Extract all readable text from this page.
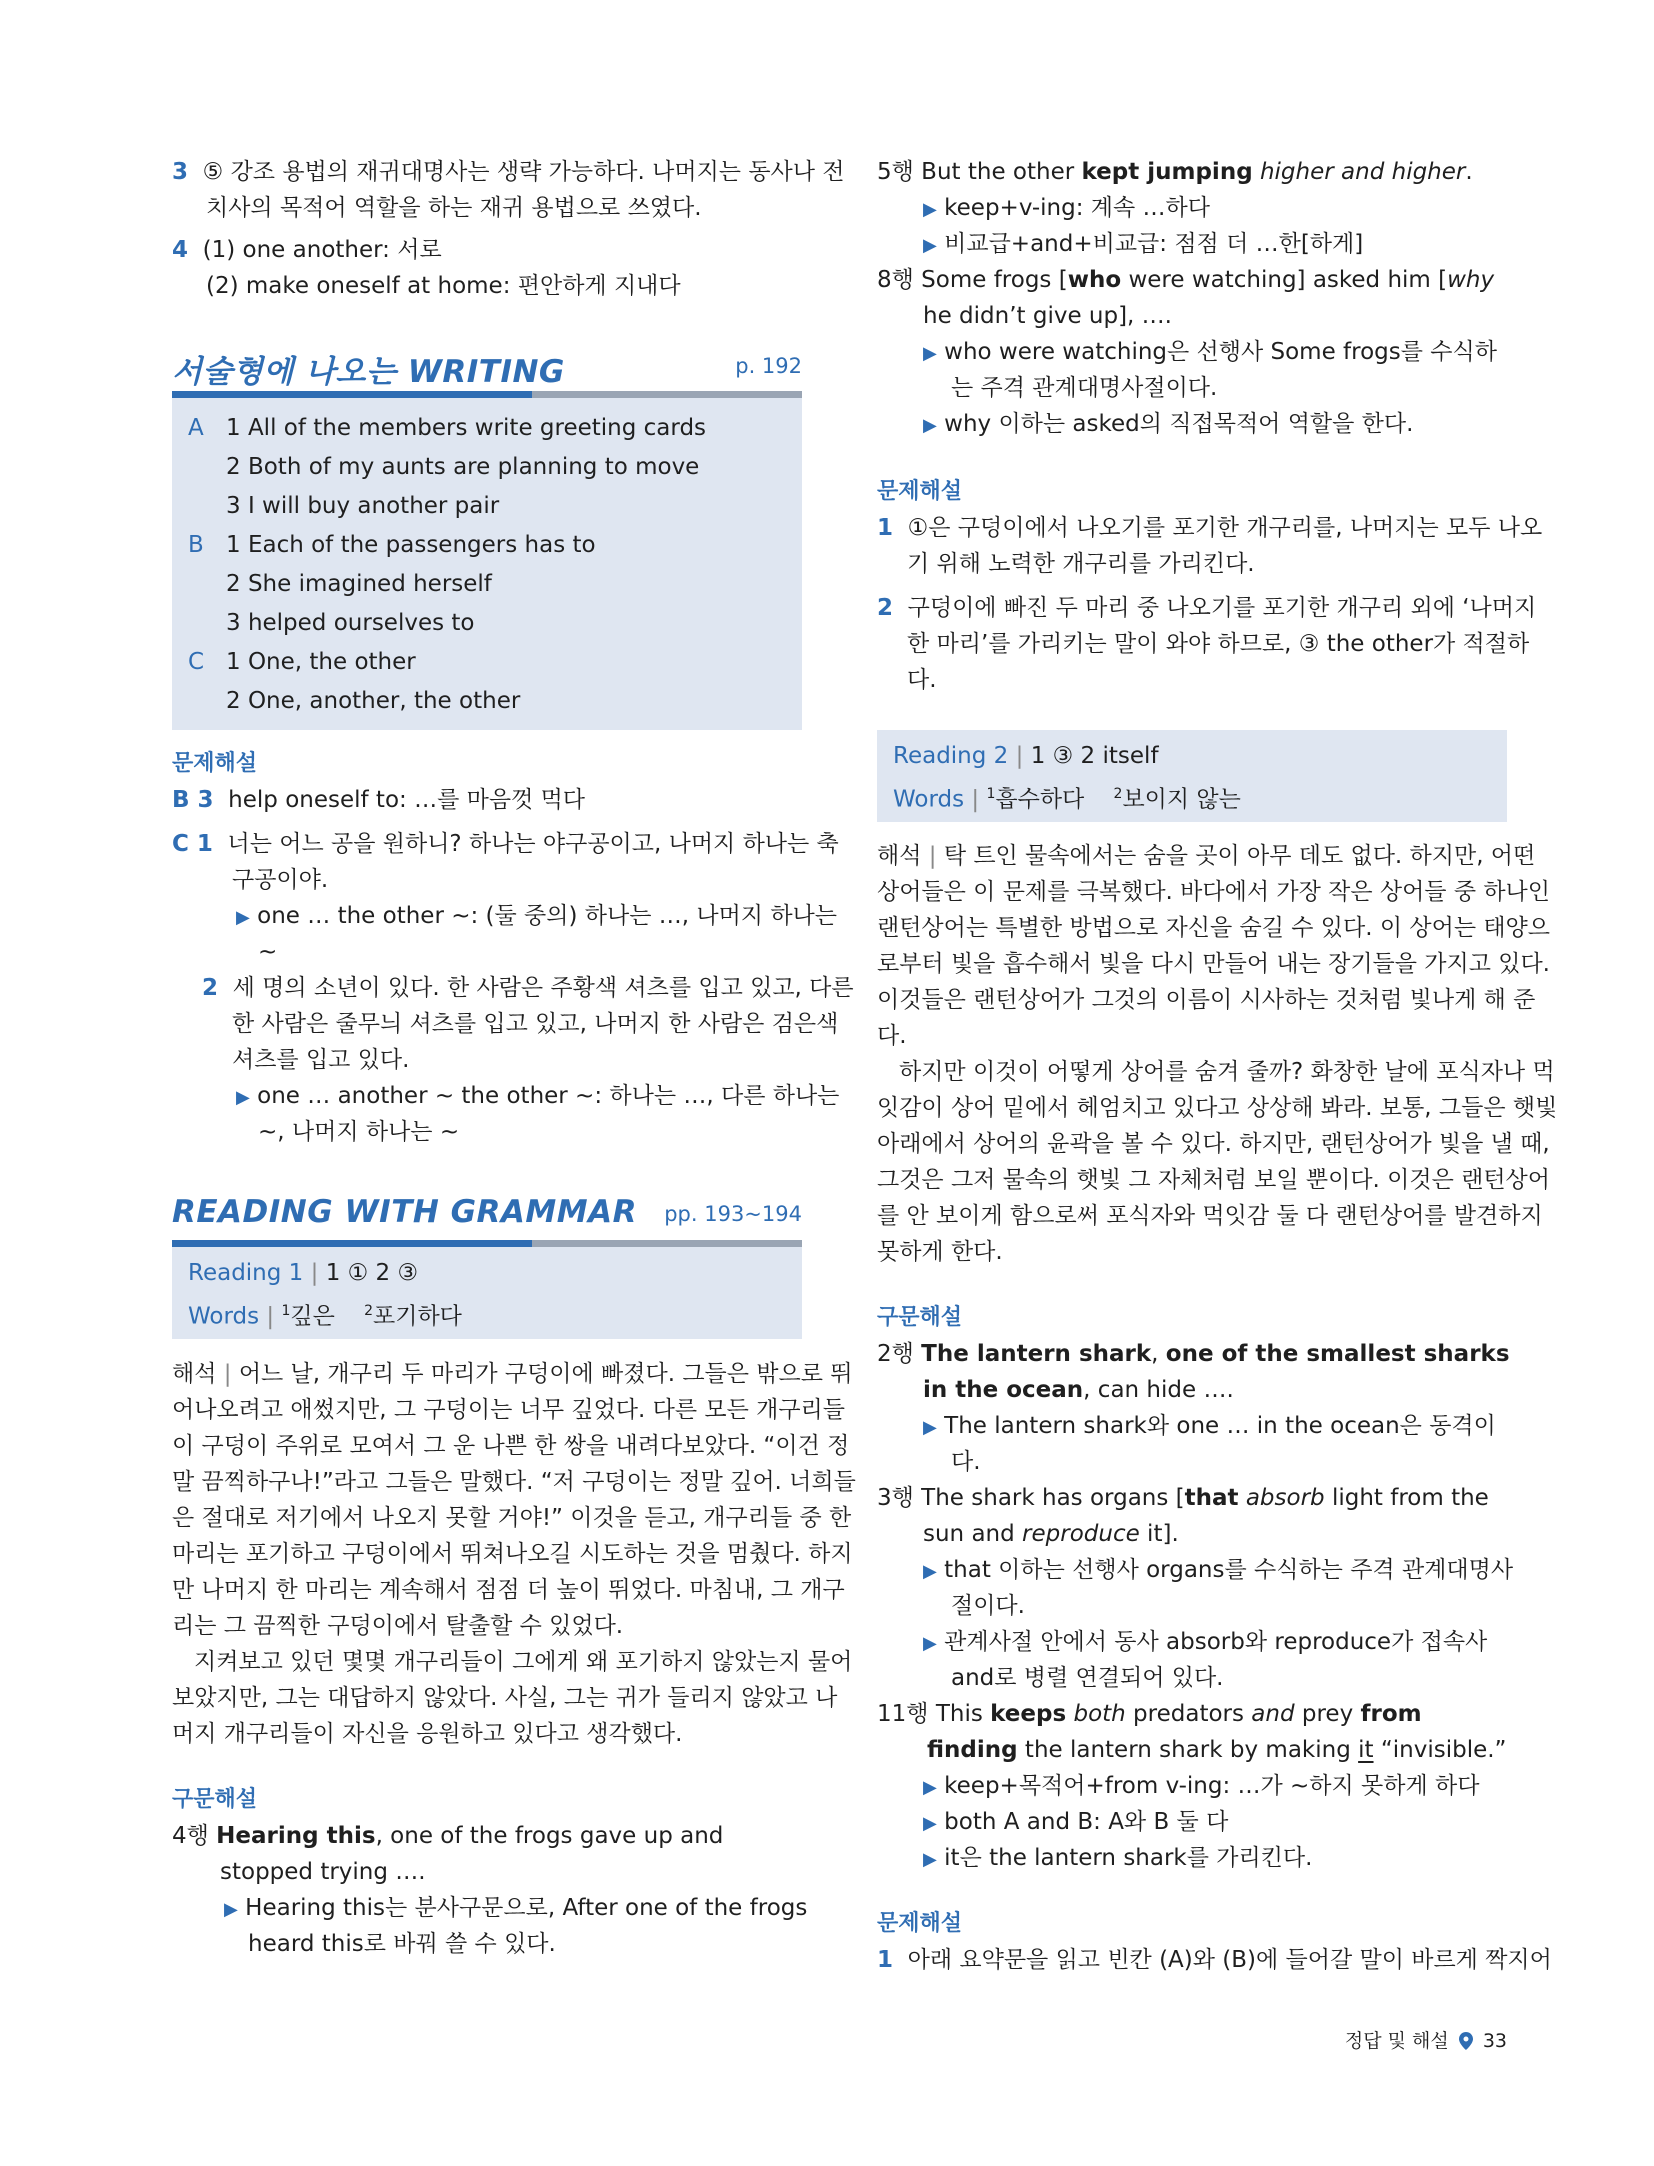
3 ⑤ 강조 용법의 재귀대명사는 생략 가능하다. 나머지는 동사나 전
치사의 목적어 역할을 하는 재귀 용법으로 쓰였다.
4 (1) one another: 서로
(2) make oneself at home: 편안하게 지내다
서술형에 나오는 WRITING	p. 192
A 1 All of the members write greeting cards
2 Both of my aunts are planning to move
3 I will buy another pair
B 1 Each of the passengers has to
2 She imagined herself
3 helped ourselves to
C 1 One, the other
2 One, another, the other
문제해설
B 3 help oneself to: …를 마음껏 먹다
C 1 너는 어느 공을 원하니? 하나는 야구공이고, 나머지 하나는 축
구공이야.
▶ one … the other ~: (둘 중의) 하나는 …, 나머지 하나는
~
2 세 명의 소년이 있다. 한 사람은 주황색 셔츠를 입고 있고, 다른
한 사람은 줄무늬 셔츠를 입고 있고, 나머지 한 사람은 검은색
셔츠를 입고 있다.
▶ one … another ~ the other ~: 하나는 …, 다른 하나는
~, 나머지 하나는 ~
READING WITH GRAMMAR pp. 193~194
Reading 1 | 1 ① 2 ③
Words | $^1$깊은 $^2$포기하다
해석 | 어느 날, 개구리 두 마리가 구덩이에 빠졌다. 그들은 밖으로 뛰
어나오려고 애썼지만, 그 구덩이는 너무 깊었다. 다른 모든 개구리들
이 구덩이 주위로 모여서 그 운 나쁜 한 쌍을 내려다보았다. “이건 정
말 끔찍하구나!”라고 그들은 말했다. “저 구덩이는 정말 깊어. 너희들
은 절대로 저기에서 나오지 못할 거야!” 이것을 듣고, 개구리들 중 한
마리는 포기하고 구덩이에서 뛰쳐나오길 시도하는 것을 멈췄다. 하지
만 나머지 한 마리는 계속해서 점점 더 높이 뛰었다. 마침내, 그 개구
리는 그 끔찍한 구덩이에서 탈출할 수 있었다.
지켜보고 있던 몇몇 개구리들이 그에게 왜 포기하지 않았는지 물어
보았지만, 그는 대답하지 않았다. 사실, 그는 귀가 들리지 않았고 나
머지 개구리들이 자신을 응원하고 있다고 생각했다.
구문해설
4행 Hearing this, one of the frogs gave up and
stopped trying ….
▶ Hearing this는 분사구문으로, After one of the frogs
heard this로 바꿔 쓸 수 있다.
5행 But the other kept jumping higher and higher.
▶ keep+v-ing: 계속 …하다
▶ 비교급+and+비교급: 점점 더 …한[하게]
8행 Some frogs [who were watching] asked him [why
he didn’t give up], ….
▶ who were watching은 선행사 Some frogs를 수식하
는 주격 관계대명사절이다.
▶ why 이하는 asked의 직접목적어 역할을 한다.
문제해설
1 ①은 구덩이에서 나오기를 포기한 개구리를, 나머지는 모두 나오
기 위해 노력한 개구리를 가리킨다.
2 구덩이에 빠진 두 마리 중 나오기를 포기한 개구리 외에 ‘나머지
한 마리’를 가리키는 말이 와야 하므로, ③ the other가 적절하
다.
Reading 2 | 1 ③ 2 itself
Words | $^1$흡수하다 $^2$보이지 않는
해석 | 탁 트인 물속에서는 숨을 곳이 아무 데도 없다. 하지만, 어떤
상어들은 이 문제를 극복했다. 바다에서 가장 작은 상어들 중 하나인
랜턴상어는 특별한 방법으로 자신을 숨길 수 있다. 이 상어는 태양으
로부터 빛을 흡수해서 빛을 다시 만들어 내는 장기들을 가지고 있다.
이것들은 랜턴상어가 그것의 이름이 시사하는 것처럼 빛나게 해 준
다.
하지만 이것이 어떻게 상어를 숨겨 줄까? 화창한 날에 포식자나 먹
잇감이 상어 밑에서 헤엄치고 있다고 상상해 봐라. 보통, 그들은 햇빛
아래에서 상어의 윤곽을 볼 수 있다. 하지만, 랜턴상어가 빛을 낼 때,
그것은 그저 물속의 햇빛 그 자체처럼 보일 뿐이다. 이것은 랜턴상어
를 안 보이게 함으로써 포식자와 먹잇감 둘 다 랜턴상어를 발견하지
못하게 한다.
구문해설
2행 The lantern shark, one of the smallest sharks
in the ocean, can hide ….
▶ The lantern shark와 one … in the ocean은 동격이
다.
3행 The shark has organs [that absorb light from the
sun and reproduce it].
▶ that 이하는 선행사 organs를 수식하는 주격 관계대명사
절이다.
▶ 관계사절 안에서 동사 absorb와 reproduce가 접속사
and로 병렬 연결되어 있다.
11행 This keeps both predators and prey from
finding the lantern shark by making it “invisible.”
▶ keep+목적어+from v-ing: …가 ~하지 못하게 하다
▶ both A and B: A와 B 둘 다
▶ it은 the lantern shark를 가리킨다.
문제해설
1 아래 요약문을 읽고 빈칸 (A)와 (B)에 들어갈 말이 바르게 짝지어
정답 및 해설 33
